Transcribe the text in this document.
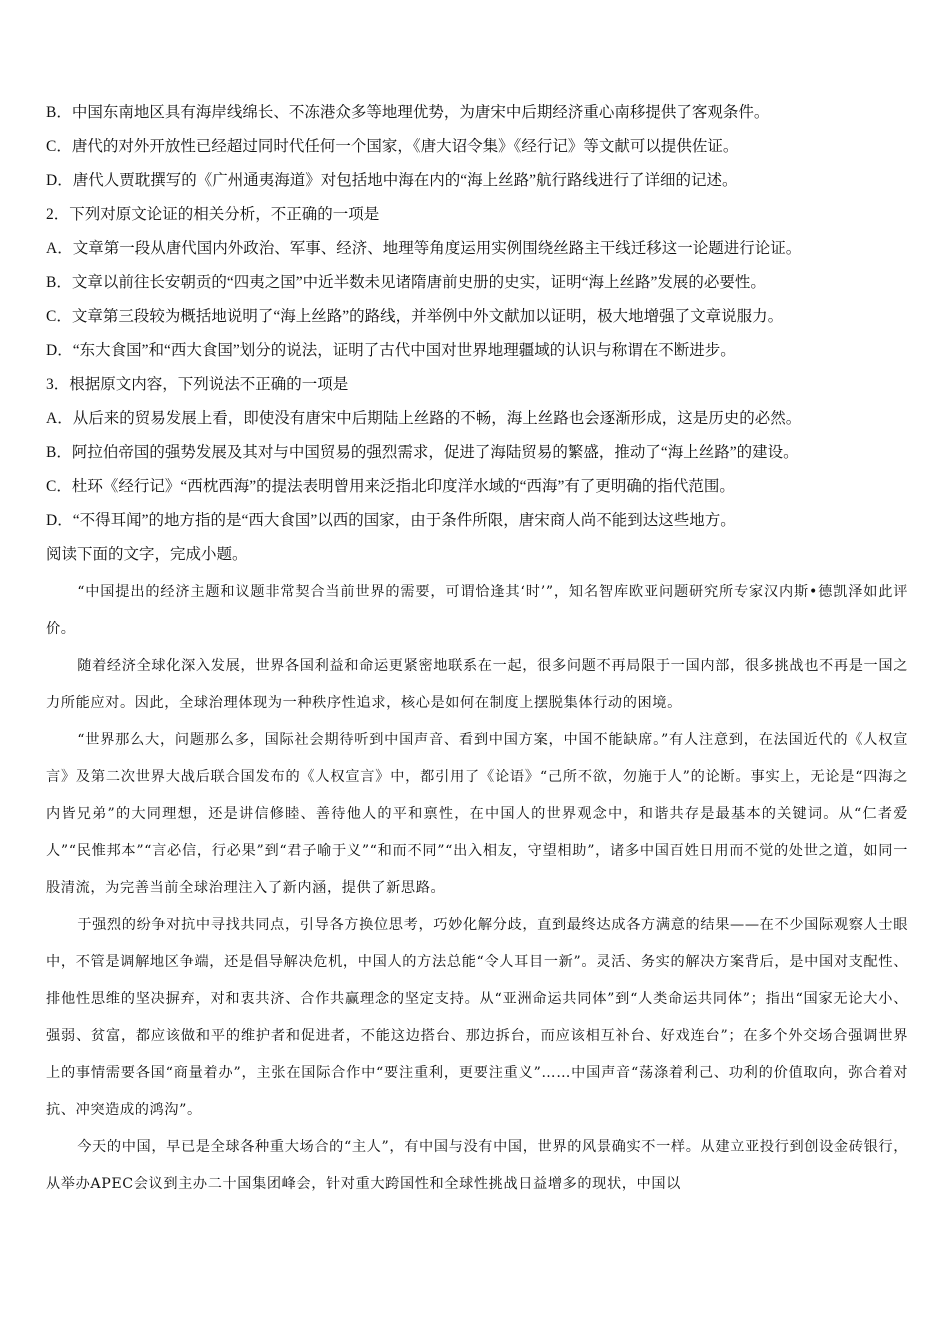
B．中国东南地区具有海岸线绵长、不冻港众多等地理优势，为唐宋中后期经济重心南移提供了客观条件。
C．唐代的对外开放性已经超过同时代任何一个国家，《唐大诏令集》《经行记》等文献可以提供佐证。
D．唐代人贾耽撰写的《广州通夷海道》对包括地中海在内的“海上丝路”航行路线进行了详细的记述。
2．下列对原文论证的相关分析，不正确的一项是
A．文章第一段从唐代国内外政治、军事、经济、地理等角度运用实例围绕丝路主干线迁移这一论题进行论证。
B．文章以前往长安朝贡的“四夷之国”中近半数未见诸隋唐前史册的史实，证明“海上丝路”发展的必要性。
C．文章第三段较为概括地说明了“海上丝路”的路线，并举例中外文献加以证明，极大地增强了文章说服力。
D．“东大食国”和“西大食国”划分的说法，证明了古代中国对世界地理疆域的认识与称谓在不断进步。
3．根据原文内容，下列说法不正确的一项是
A．从后来的贸易发展上看，即使没有唐宋中后期陆上丝路的不畅，海上丝路也会逐渐形成，这是历史的必然。
B．阿拉伯帝国的强势发展及其对与中国贸易的强烈需求，促进了海陆贸易的繁盛，推动了“海上丝路”的建设。
C．杜环《经行记》“西枕西海”的提法表明曾用来泛指北印度洋水域的“西海”有了更明确的指代范围。
D．“不得耳闻”的地方指的是“西大食国”以西的国家，由于条件所限，唐宋商人尚不能到达这些地方。
阅读下面的文字，完成小题。

“中国提出的经济主题和议题非常契合当前世界的需要，可谓恰逢其‘时’”，知名智库欧亚问题研究所专家汉内斯•德凯泽如此评价。

随着经济全球化深入发展，世界各国利益和命运更紧密地联系在一起，很多问题不再局限于一国内部，很多挑战也不再是一国之力所能应对。因此，全球治理体现为一种秩序性追求，核心是如何在制度上摆脱集体行动的困境。

“世界那么大，问题那么多，国际社会期待听到中国声音、看到中国方案，中国不能缺席。”有人注意到，在法国近代的《人权宣言》及第二次世界大战后联合国发布的《人权宣言》中，都引用了《论语》“己所不欲，勿施于人”的论断。事实上，无论是“四海之内皆兄弟”的大同理想，还是讲信修睦、善待他人的平和禀性，在中国人的世界观念中，和谐共存是最基本的关键词。从“仁者爱人”“民惟邦本”“言必信，行必果”到“君子喻于义”“和而不同”“出入相友，守望相助”，诸多中国百姓日用而不觉的处世之道，如同一股清流，为完善当前全球治理注入了新内涵，提供了新思路。

于强烈的纷争对抗中寻找共同点，引导各方换位思考，巧妙化解分歧，直到最终达成各方满意的结果——在不少国际观察人士眼中，不管是调解地区争端，还是倡导解决危机，中国人的方法总能“令人耳目一新”。灵活、务实的解决方案背后，是中国对支配性、排他性思维的坚决摒弃，对和衷共济、合作共赢理念的坚定支持。从“亚洲命运共同体”到“人类命运共同体”；指出“国家无论大小、强弱、贫富，都应该做和平的维护者和促进者，不能这边搭台、那边拆台，而应该相互补台、好戏连台”；在多个外交场合强调世界上的事情需要各国“商量着办”，主张在国际合作中“要注重利，更要注重义”……中国声音“荡涤着利己、功利的价值取向，弥合着对抗、冲突造成的鸿沟”。

今天的中国，早已是全球各种重大场合的“主人”，有中国与没有中国，世界的风景确实不一样。从建立亚投行到创设金砖银行，从举办APEC会议到主办二十国集团峰会，针对重大跨国性和全球性挑战日益增多的现状，中国以
